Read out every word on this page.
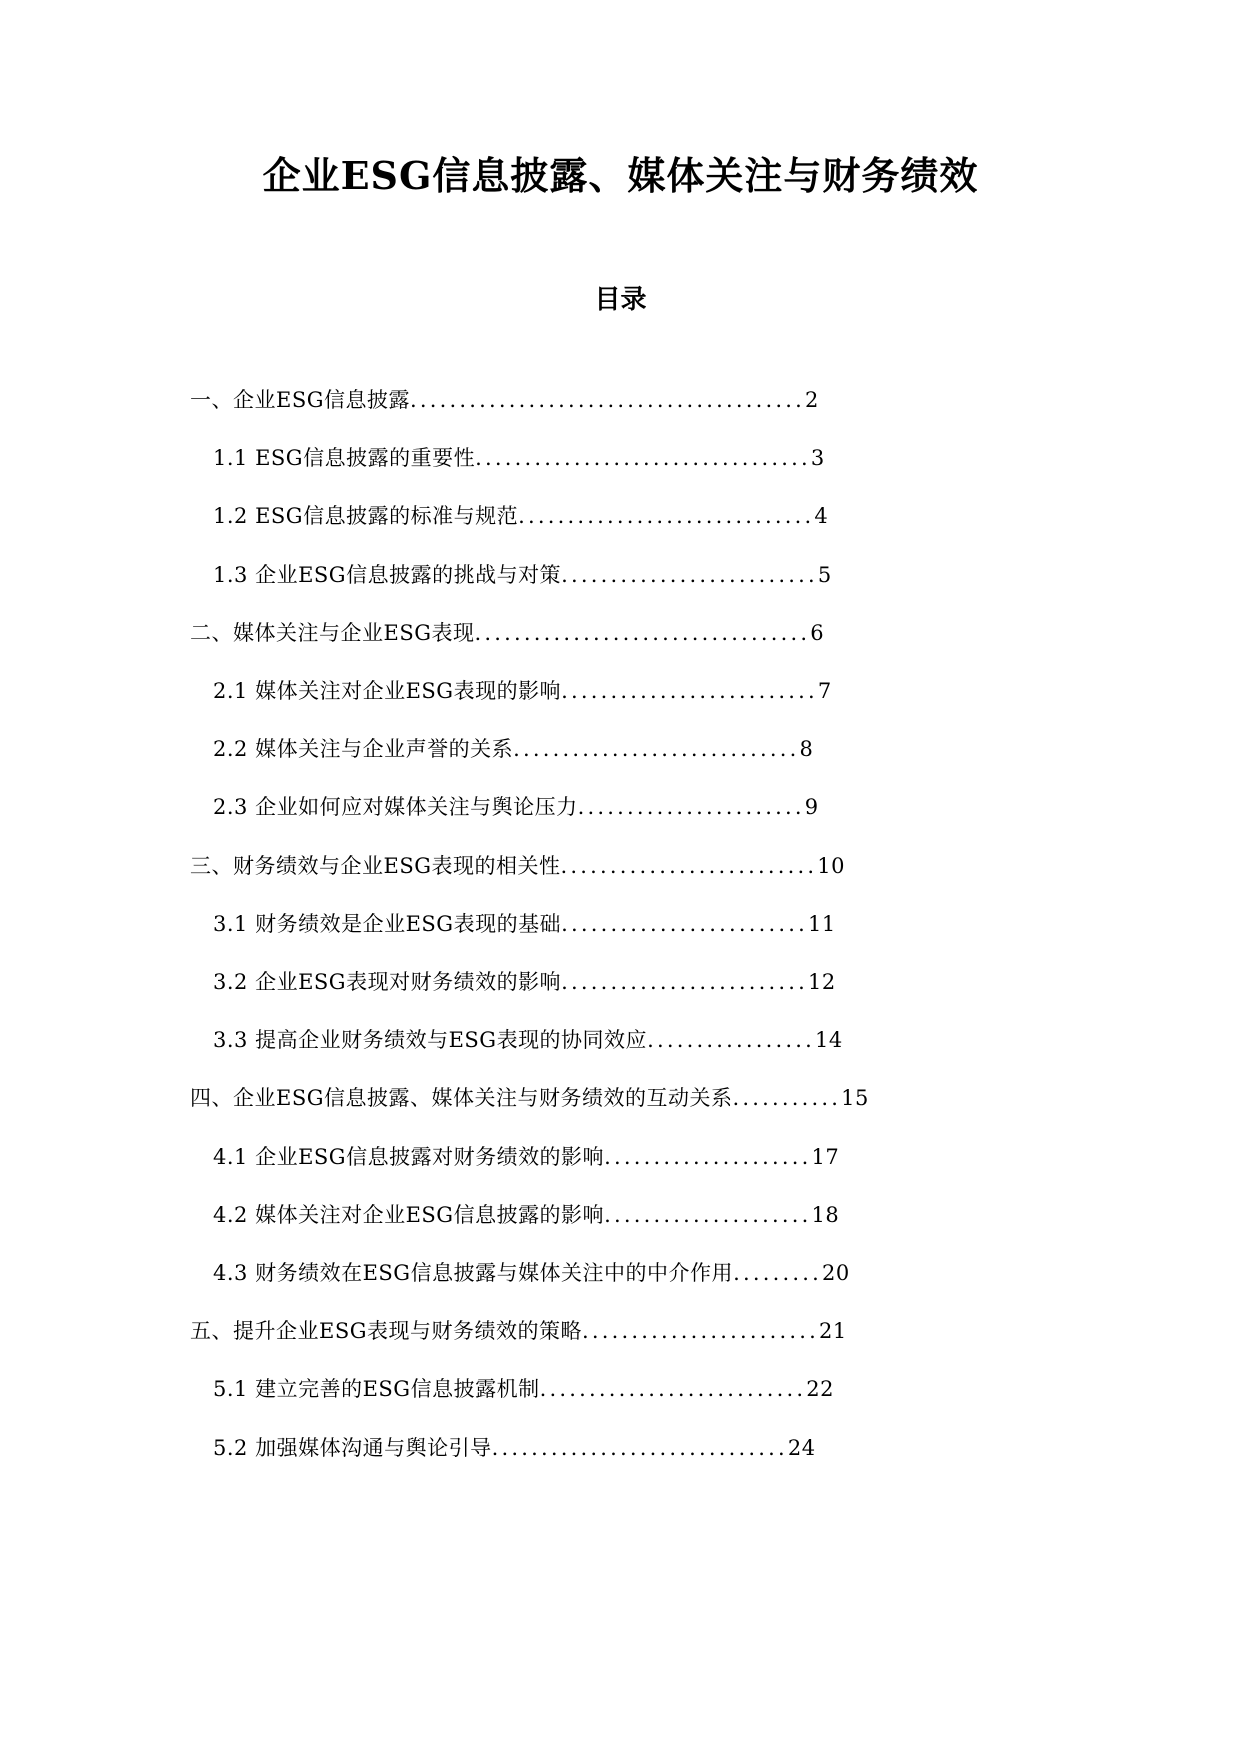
企业ESG信息披露、媒体关注与财务绩效
目录
一、企业ESG信息披露........................................2
1.1 ESG信息披露的重要性..................................3
1.2 ESG信息披露的标准与规范..............................4
1.3 企业ESG信息披露的挑战与对策..........................5
二、媒体关注与企业ESG表现..................................6
2.1 媒体关注对企业ESG表现的影响..........................7
2.2 媒体关注与企业声誉的关系.............................8
2.3 企业如何应对媒体关注与舆论压力.......................9
三、财务绩效与企业ESG表现的相关性..........................10
3.1 财务绩效是企业ESG表现的基础.........................11
3.2 企业ESG表现对财务绩效的影响.........................12
3.3 提高企业财务绩效与ESG表现的协同效应.................14
四、企业ESG信息披露、媒体关注与财务绩效的互动关系...........15
4.1 企业ESG信息披露对财务绩效的影响.....................17
4.2 媒体关注对企业ESG信息披露的影响.....................18
4.3 财务绩效在ESG信息披露与媒体关注中的中介作用.........20
五、提升企业ESG表现与财务绩效的策略........................21
5.1 建立完善的ESG信息披露机制...........................22
5.2 加强媒体沟通与舆论引导..............................24
